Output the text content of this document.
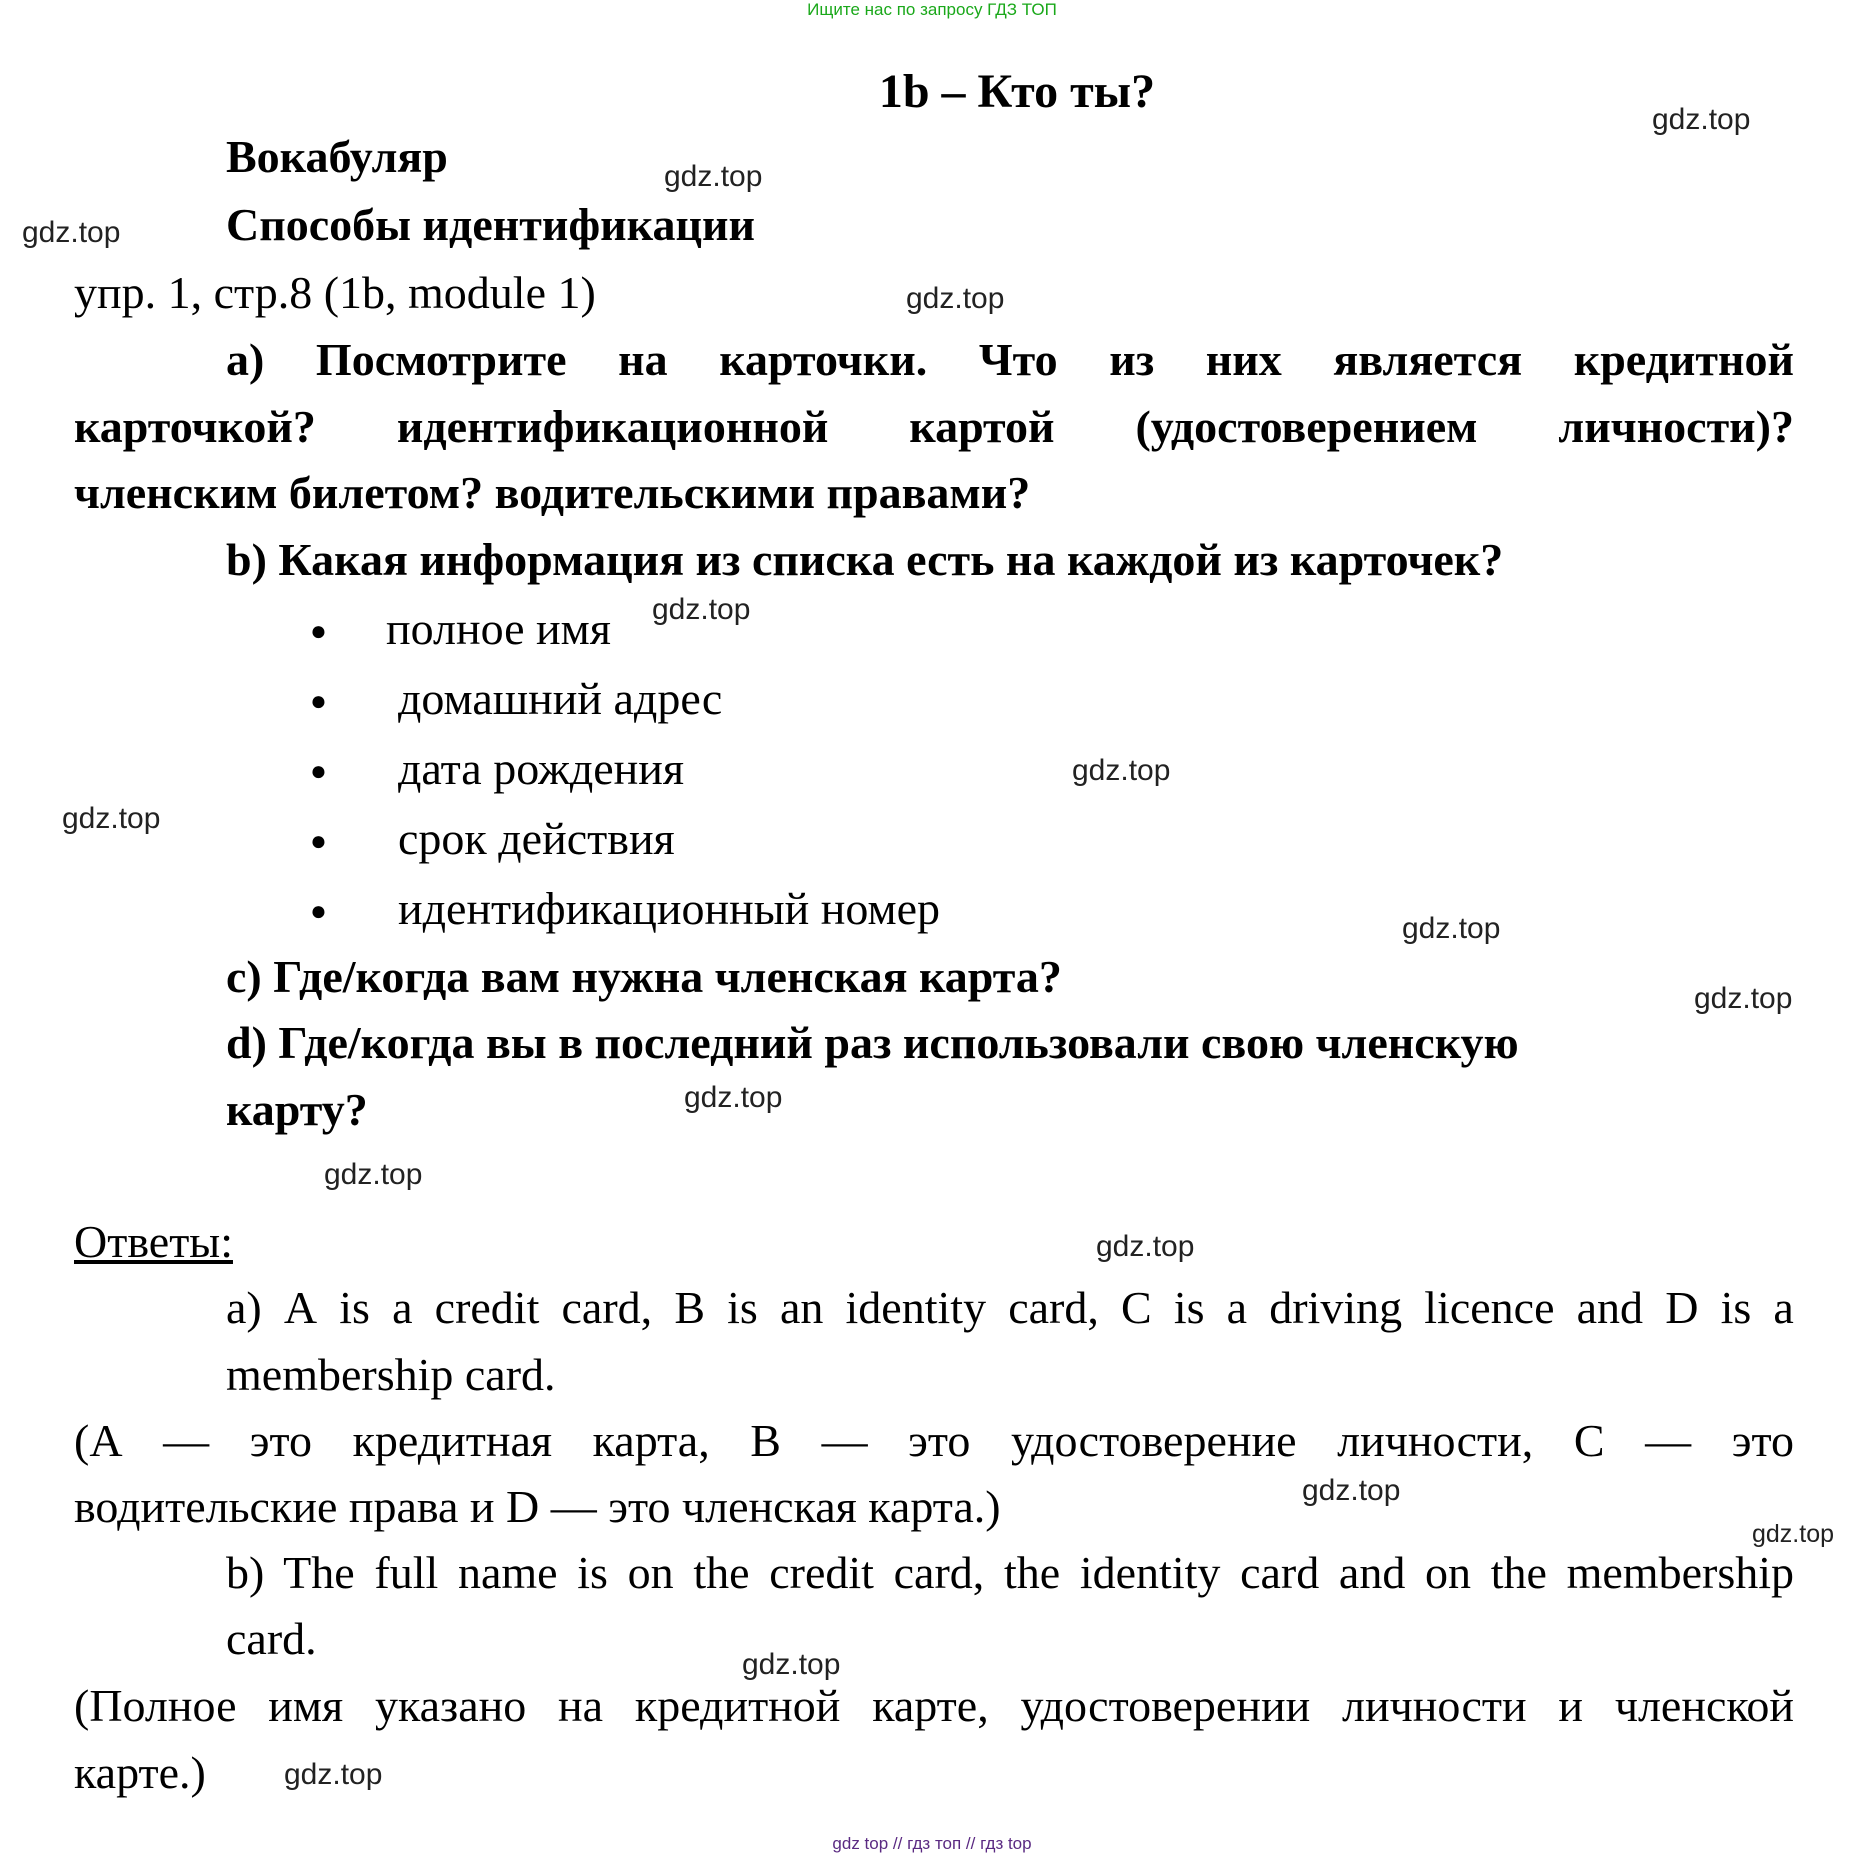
Ищите нас по запросу ГДЗ ТОП
1b – Кто ты?
Вокабуляр
Способы идентификации
упр. 1, стр.8 (1b, module 1)
а) Посмотрите на карточки. Что из них является кредитной
карточкой? идентификационной картой (удостоверением личности)?
членским билетом? водительскими правами?
b) Какая информация из списка есть на каждой из карточек?
● полное имя
● домашний адрес
● дата рождения
● срок действия
● идентификационный номер
с) Где/когда вам нужна членская карта?
d) Где/когда вы в последний раз использовали свою членскую
карту?
Ответы:
a) A is a credit card, B is an identity card, C is a driving licence and D is a
membership card.
(А — это кредитная карта, В — это удостоверение личности, С — это
водительские права и D — это членская карта.)
b) The full name is on the credit card, the identity card and on the membership
card.
(Полное имя указано на кредитной карте, удостоверении личности и членской
карте.)
gdz.top
gdz.top
gdz.top
gdz.top
gdz.top
gdz.top
gdz.top
gdz.top
gdz.top
gdz.top
gdz.top
gdz.top
gdz.top
gdz.top
gdz.top
gdz.top
gdz top // гдз топ // гдз top
